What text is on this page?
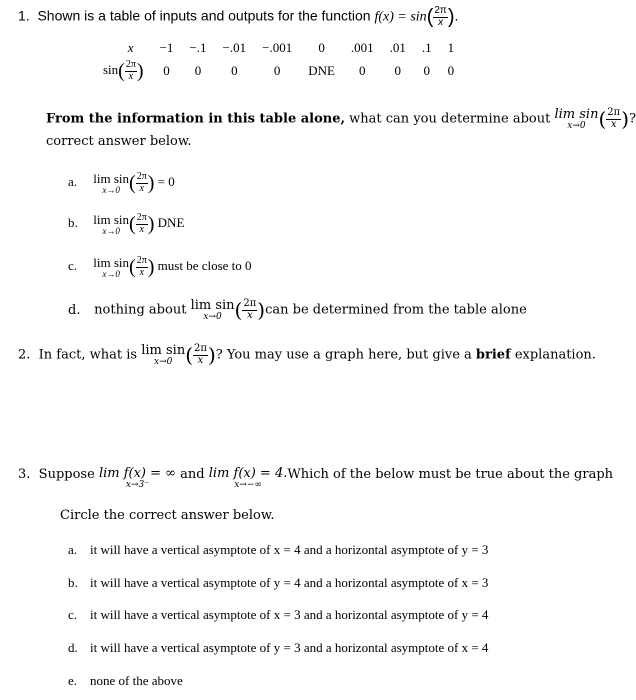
1. Shown is a table of inputs and outputs for the function $f(x) = \sin( \frac{2\pi}{x}$ ).
x	−1	−.1	−.01	−.001	0	.001	.01	.1	1
$\sin( \frac{2\pi}{x}$ )	0	0	0	0	DNE	0	0	0	0
From the information in this table alone, what can you determine about lim sin
x→0 ( $\frac{2\pi}{x}$ )?
correct answer below.
a. lim sin
x→0 ( $\frac{2\pi}{x}$ ) = 0
b. lim sin
x→0 ( $\frac{2\pi}{x}$ ) DNE
c. lim sin
x→0 ( $\frac{2\pi}{x}$ ) must be close to 0
d. nothing about lim sin
x→0 ( $\frac{2\pi}{x} )can$ be determined from the table alone
2. In fact, what is lim sin
x→0 ( $\frac{2\pi}{x}$ )? You may use a graph here, but give a brief explanation.
3. Suppose lim f(x) = ∞
x→3⁻
and lim f(x) = 4.
x→−∞
Which of the below must be true about the graph
Circle the correct answer below.
a. it will have a vertical asymptote of x = 4 and a horizontal asymptote of y = 3
b. it will have a vertical asymptote of y = 4 and a horizontal asymptote of x = 3
c. it will have a vertical asymptote of x = 3 and a horizontal asymptote of y = 4
d. it will have a vertical asymptote of y = 3 and a horizontal asymptote of x = 4
e. none of the above
